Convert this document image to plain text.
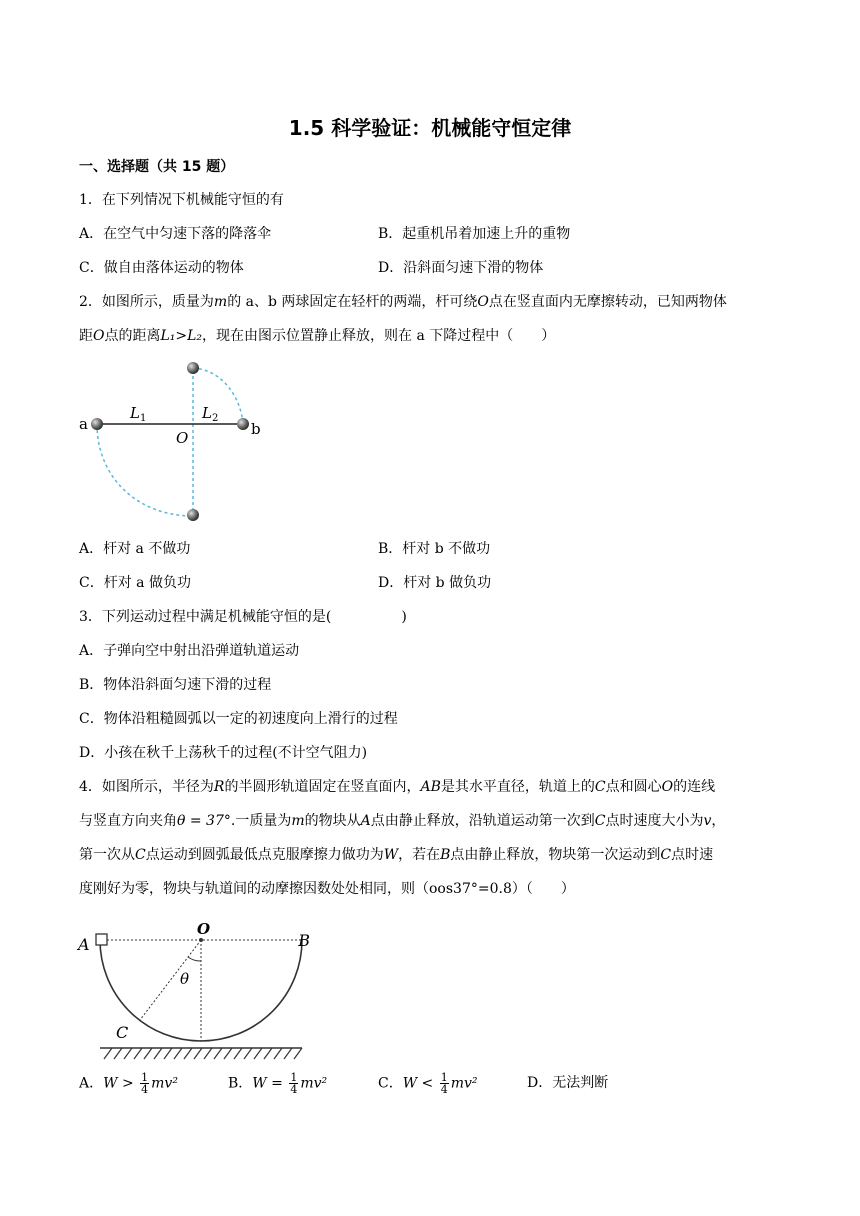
1.5 科学验证：机械能守恒定律
一、选择题（共 15 题）
1．在下列情况下机械能守恒的有
A．在空气中匀速下落的降落伞	B．起重机吊着加速上升的重物
C．做自由落体运动的物体	D．沿斜面匀速下滑的物体
2．如图所示，质量为m的 a、b 两球固定在轻杆的两端，杆可绕O点在竖直面内无摩擦转动，已知两物体
距O点的距离L₁>L₂，现在由图示位置静止释放，则在 a 下降过程中（　　）
a	b
$L_1$	$L_2$
O
A．杆对 a 不做功	B．杆对 b 不做功
C．杆对 a 做负功	D．杆对 b 做负功
3．下列运动过程中满足机械能守恒的是(　　　　　)
A．子弹向空中射出沿弹道轨道运动
B．物体沿斜面匀速下滑的过程
C．物体沿粗糙圆弧以一定的初速度向上滑行的过程
D．小孩在秋千上荡秋千的过程(不计空气阻力)
4．如图所示，半径为R的半圆形轨道固定在竖直面内，AB是其水平直径，轨道上的C点和圆心O的连线
与竖直方向夹角θ = 37°.一质量为m的物块从A点由静止释放，沿轨道运动第一次到C点时速度大小为v，
第一次从C点运动到圆弧最低点克服摩擦力做功为W，若在B点由静止释放，物块第一次运动到C点时速
度刚好为零，物块与轨道间的动摩擦因数处处相同，则（oos37°=0.8）（　　）
A	B
O
θ
C
A．$W > \frac{1}{4} mv^2$	B．$W = \frac{1}{4} mv^2$	C．$W < \frac{1}{4} mv^2$	D．无法判断
